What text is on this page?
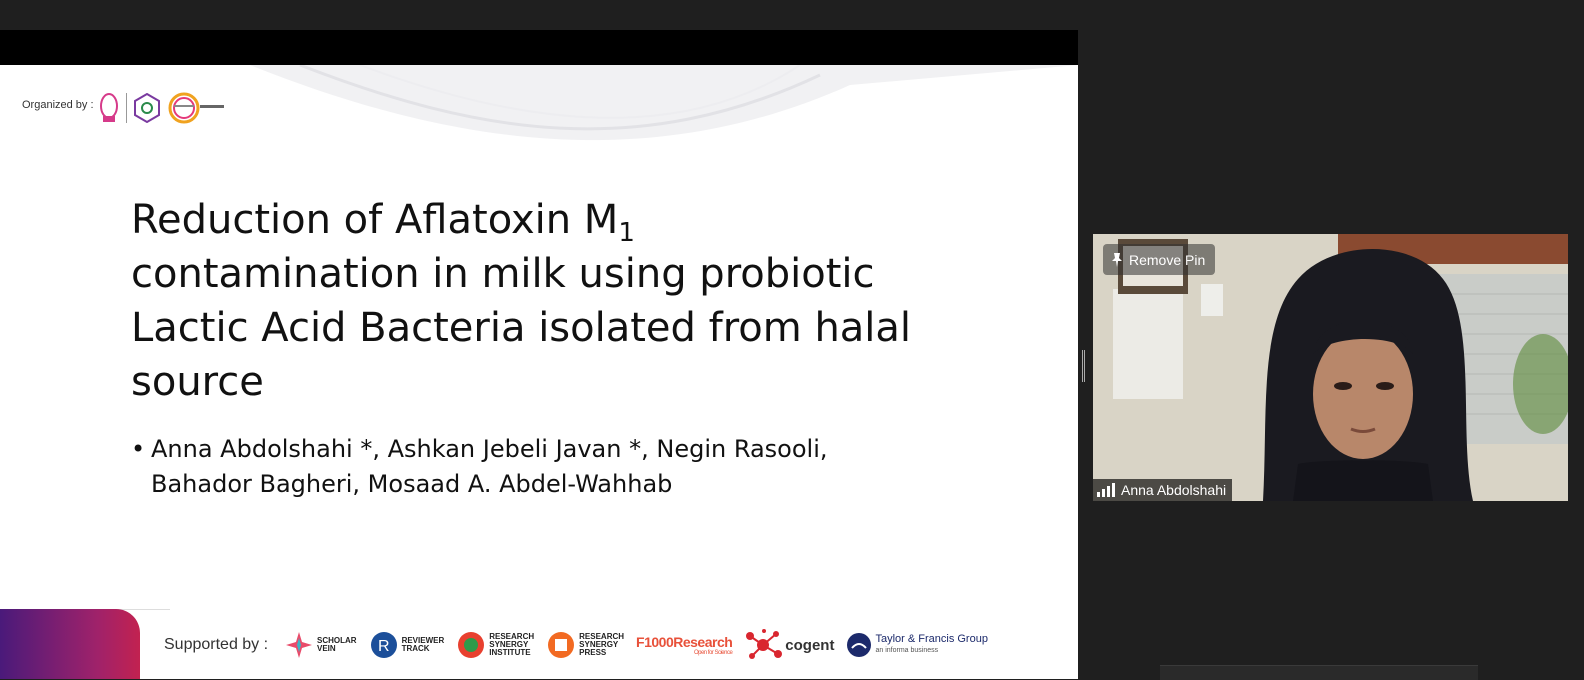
Organized by :
Reduction of Aflatoxin $M_1$
contamination in milk using probiotic Lactic Acid Bacteria isolated from halal source
• Anna Abdolshahi *, Ashkan Jebeli Javan *, Negin Rasooli,
Bahador Bagheri, Mosaad A. Abdel-Wahhab
Supported by :	SCHOLAR
VEIN	R REVIEWER
TRACK
RESEARCH
SYNERGY
INSTITUTE
RESEARCH
SYNERGY
PRESS
F1000Research
Open for Science	cogent	Taylor & Francis Group
an informa business
Remove Pin
Anna Abdolshahi
